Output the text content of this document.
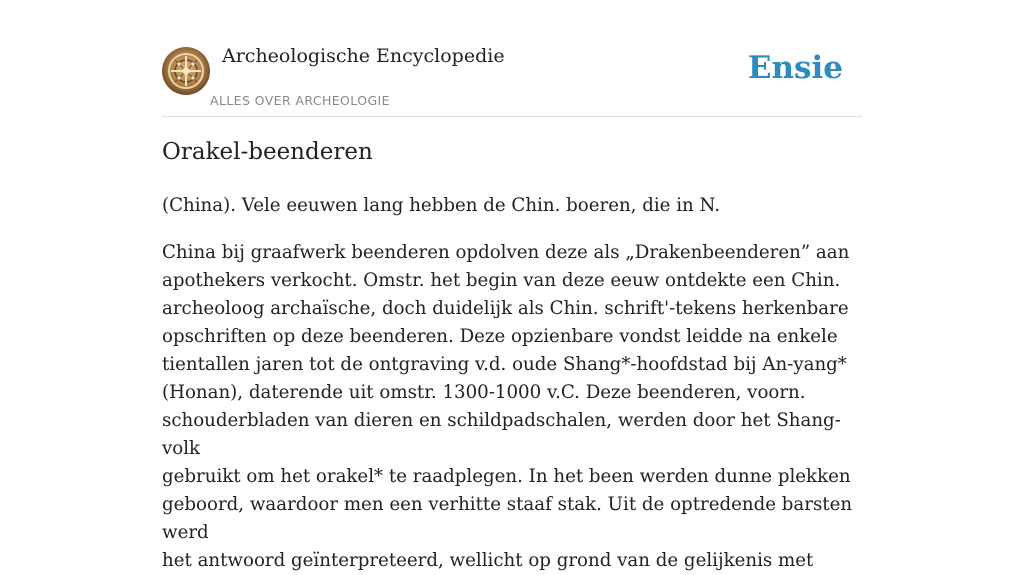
Archeologische Encyclopedie
ALLES OVER ARCHEOLOGIE
Ensie
Orakel-beenderen

(China). Vele eeuwen lang hebben de Chin. boeren, die in N.

China bij graafwerk beenderen opdolven deze als „Drakenbeenderen” aan
apothekers verkocht. Omstr. het begin van deze eeuw ontdekte een Chin.
archeoloog archaïsche, doch duidelijk als Chin. schrift'-tekens herkenbare
opschriften op deze beenderen. Deze opzienbare vondst leidde na enkele
tientallen jaren tot de ontgraving v.d. oude Shang*-hoofdstad bij An-yang*
(Honan), daterende uit omstr. 1300-1000 v.C. Deze beenderen, voorn.
schouderbladen van dieren en schildpadschalen, werden door het Shang-volk
gebruikt om het orakel* te raadplegen. In het been werden dunne plekken
geboord, waardoor men een verhitte staaf stak. Uit de optredende barsten werd
het antwoord geïnterpreteerd, wellicht op grond van de gelijkenis met
